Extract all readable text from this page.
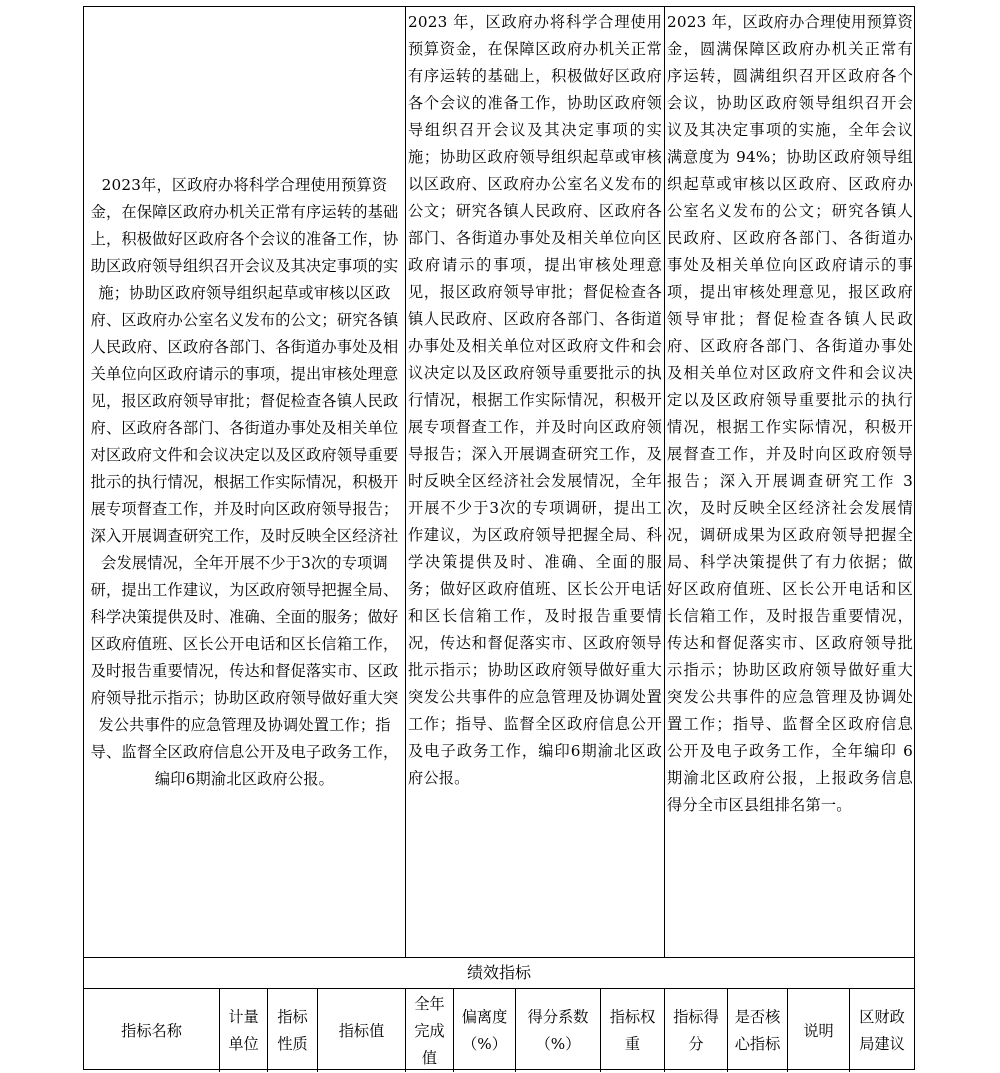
2023年，区政府办将科学合理使用预算资金，在保障区政府办机关正常有序运转的基础上，积极做好区政府各个会议的准备工作，协助区政府领导组织召开会议及其决定事项的实施；协助区政府领导组织起草或审核以区政府、区政府办公室名义发布的公文；研究各镇人民政府、区政府各部门、各街道办事处及相关单位向区政府请示的事项，提出审核处理意见，报区政府领导审批；督促检查各镇人民政府、区政府各部门、各街道办事处及相关单位对区政府文件和会议决定以及区政府领导重要批示的执行情况，根据工作实际情况，积极开展专项督查工作，并及时向区政府领导报告；深入开展调查研究工作，及时反映全区经济社会发展情况，全年开展不少于3次的专项调研，提出工作建议，为区政府领导把握全局、科学决策提供及时、准确、全面的服务；做好区政府值班、区长公开电话和区长信箱工作，及时报告重要情况，传达和督促落实市、区政府领导批示指示；协助区政府领导做好重大突发公共事件的应急管理及协调处置工作；指导、监督全区政府信息公开及电子政务工作，编印6期渝北区政府公报。
2023 年，区政府办将科学合理使用预算资金，在保障区政府办机关正常有序运转的基础上，积极做好区政府各个会议的准备工作，协助区政府领导组织召开会议及其决定事项的实施；协助区政府领导组织起草或审核以区政府、区政府办公室名义发布的公文；研究各镇人民政府、区政府各部门、各街道办事处及相关单位向区政府请示的事项，提出审核处理意见，报区政府领导审批；督促检查各镇人民政府、区政府各部门、各街道办事处及相关单位对区政府文件和会议决定以及区政府领导重要批示的执行情况，根据工作实际情况，积极开展专项督查工作，并及时向区政府领导报告；深入开展调查研究工作，及时反映全区经济社会发展情况，全年开展不少于3次的专项调研，提出工作建议，为区政府领导把握全局、科学决策提供及时、准确、全面的服务；做好区政府值班、区长公开电话和区长信箱工作，及时报告重要情况，传达和督促落实市、区政府领导批示指示；协助区政府领导做好重大突发公共事件的应急管理及协调处置工作；指导、监督全区政府信息公开及电子政务工作，编印6期渝北区政府公报。
2023 年，区政府办合理使用预算资金，圆满保障区政府办机关正常有序运转，圆满组织召开区政府各个会议，协助区政府领导组织召开会议及其决定事项的实施，全年会议满意度为 94%；协助区政府领导组织起草或审核以区政府、区政府办公室名义发布的公文；研究各镇人民政府、区政府各部门、各街道办事处及相关单位向区政府请示的事项，提出审核处理意见，报区政府领导审批；督促检查各镇人民政府、区政府各部门、各街道办事处及相关单位对区政府文件和会议决定以及区政府领导重要批示的执行情况，根据工作实际情况，积极开展督查工作，并及时向区政府领导报告；深入开展调查研究工作 3 次，及时反映全区经济社会发展情况，调研成果为区政府领导把握全局、科学决策提供了有力依据；做好区政府值班、区长公开电话和区长信箱工作，及时报告重要情况，传达和督促落实市、区政府领导批示指示；协助区政府领导做好重大突发公共事件的应急管理及协调处置工作；指导、监督全区政府信息公开及电子政务工作，全年编印 6 期渝北区政府公报，上报政务信息得分全市区县组排名第一。
绩效指标
指标名称
计量单位
指标性质
指标值
全年完成值
偏离度（%）
得分系数（%）
指标权重
指标得分
是否核心指标
说明
区财政局建议
